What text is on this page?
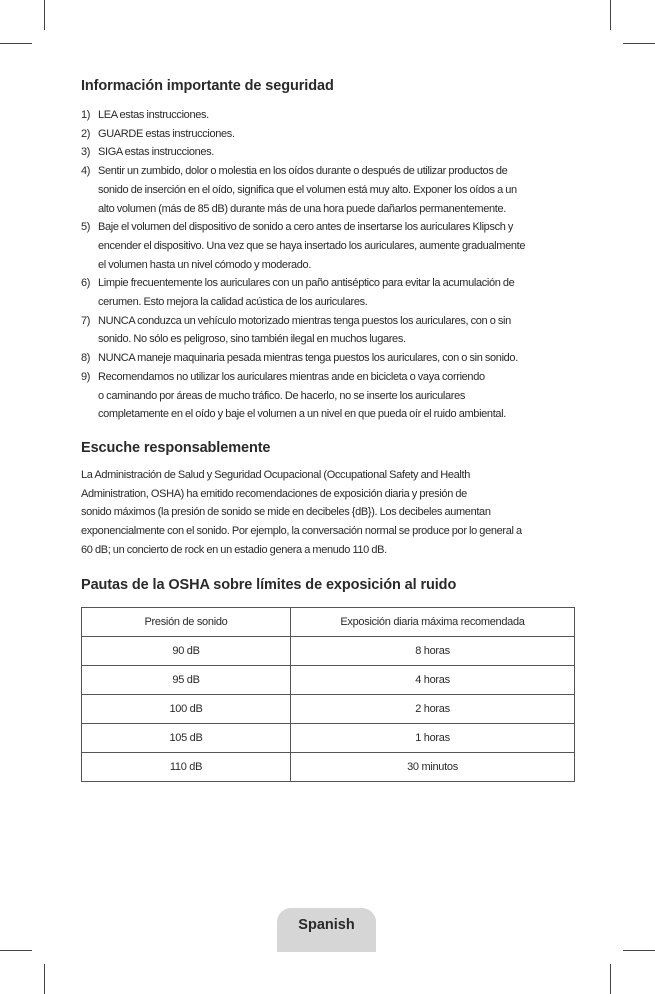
Información importante de seguridad
1) LEA estas instrucciones.
2) GUARDE estas instrucciones.
3) SIGA estas instrucciones.
4) Sentir un zumbido, dolor o molestia en los oídos durante o después de utilizar productos de
sonido de inserción en el oído, significa que el volumen está muy alto. Exponer los oídos a un
alto volumen (más de 85 dB) durante más de una hora puede dañarlos permanentemente.
5) Baje el volumen del dispositivo de sonido a cero antes de insertarse los auriculares Klipsch y
encender el dispositivo. Una vez que se haya insertado los auriculares, aumente gradualmente
el volumen hasta un nivel cómodo y moderado.
6) Limpie frecuentemente los auriculares con un paño antiséptico para evitar la acumulación de
cerumen. Esto mejora la calidad acústica de los auriculares.
7) NUNCA conduzca un vehículo motorizado mientras tenga puestos los auriculares, con o sin
sonido. No sólo es peligroso, sino también ilegal en muchos lugares.
8) NUNCA maneje maquinaria pesada mientras tenga puestos los auriculares, con o sin sonido.
9) Recomendamos no utilizar los auriculares mientras ande en bicicleta o vaya corriendo
o caminando por áreas de mucho tráfico. De hacerlo, no se inserte los auriculares
completamente en el oído y baje el volumen a un nivel en que pueda oír el ruido ambiental.
Escuche responsablemente

La Administración de Salud y Seguridad Ocupacional (Occupational Safety and Health
Administration, OSHA) ha emitido recomendaciones de exposición diaria y presión de
sonido máximos (la presión de sonido se mide en decibeles {dB}). Los decibeles aumentan
exponencialmente con el sonido. Por ejemplo, la conversación normal se produce por lo general a
60 dB; un concierto de rock en un estadio genera a menudo 110 dB.

Pautas de la OSHA sobre límites de exposición al ruido
Presión de sonido	Exposición diaria máxima recomendada
90 dB	8 horas
95 dB	4 horas
100 dB	2 horas
105 dB	1 horas
110 dB	30 minutos
Spanish
